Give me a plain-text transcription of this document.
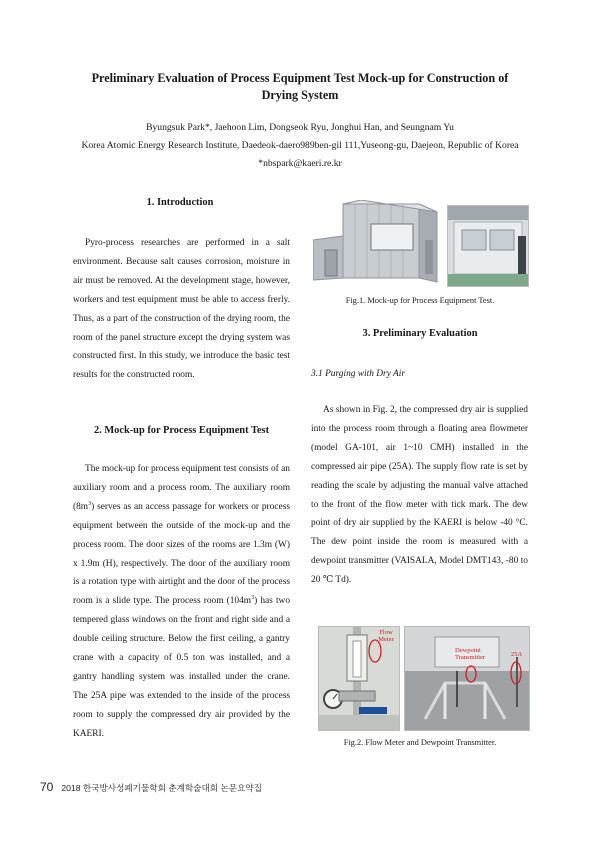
Preliminary Evaluation of Process Equipment Test Mock-up for Construction of
Drying System
Byungsuk Park*, Jaehoon Lim, Dongseok Ryu, Jonghui Han, and Seungnam Yu
Korea Atomic Energy Research Institute, Daedeok-daero989ben-gil 111,Yuseong-gu, Daejeon, Republic of Korea
*nbspark@kaeri.re.kr
1. Introduction
Pyro-process researches are performed in a salt environment. Because salt causes corrosion, moisture in air must be removed. At the development stage, however, workers and test equipment must be able to access frerly. Thus, as a part of the construction of the drying room, the room of the panel structure except the drying system was constructed first. In this study, we introduce the basic test results for the constructed room.
2. Mock-up for Process Equipment Test
The mock-up for process equipment test consists of an auxiliary room and a process room. The auxiliary room $(8m^3)$ serves as an access passage for workers or process equipment between the outside of the mock-up and the process room. The door sizes of the rooms are 1.3m (W) x 1.9m (H), respectively. The door of the auxiliary room is a rotation type with airtight and the door of the process room is a slide type. The process room $(104m^3)$ has two tempered glass windows on the front and right side and a double ceiling structure. Below the first ceiling, a gantry crane with a capacity of 0.5 ton was installed, and a gantry handling system was installed under the crane. The 25A pipe was extended to the inside of the process room to supply the compressed dry air provided by the KAERI.
Fig.1. Mock-up for Process Equipment Test.
3. Preliminary Evaluation
3.1 Purging with Dry Air
As shown in Fig. 2, the compressed dry air is supplied into the process room through a floating area flowmeter (model GA-101, air 1~10 CMH) installed in the compressed air pipe (25A). The supply flow rate is set by reading the scale by adjusting the manual valve attached to the front of the flow meter with tick mark. The dew point of dry air supplied by the KAERI is below -40 °C. The dew point inside the room is measured with a dewpoint transmitter (VAISALA, Model DMT143, -80 to 20 ℃ Td).
Flow Meter
Dewpoint Transmitter	25A
Fig.2. Flow Meter and Dewpoint Transmitter.
70 2018 한국방사성폐기물학회 춘계학술대회 논문요약집
